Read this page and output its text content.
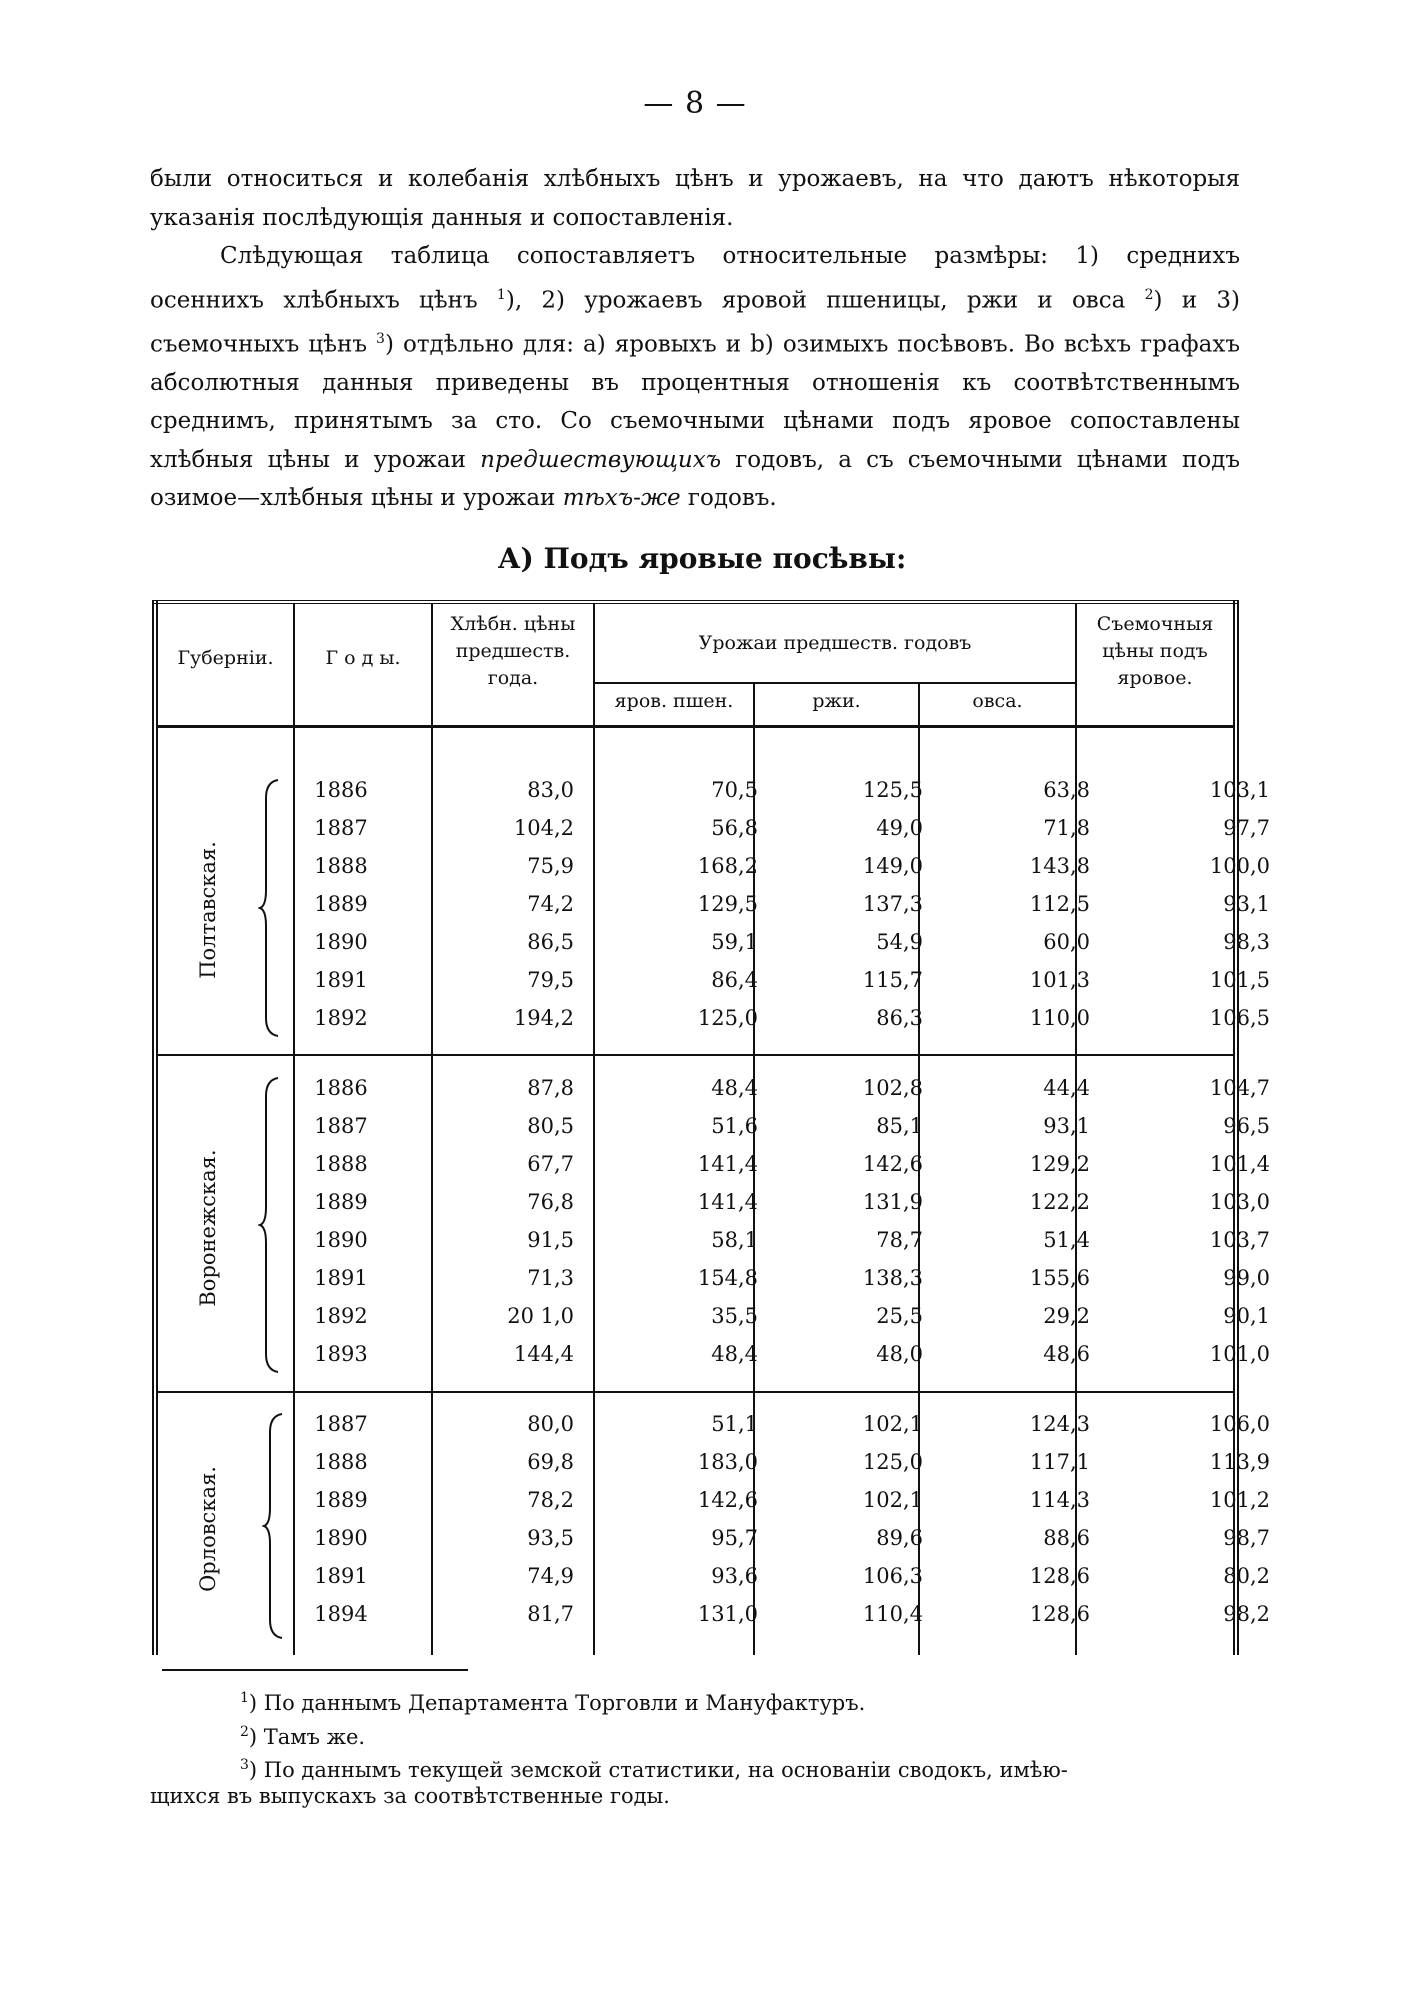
— 8 —
были относиться и колебанія хлѣбныхъ цѣнъ и урожаевъ, на что даютъ нѣкоторыя указанія послѣдующія данныя и сопоставленія.
Слѣдующая таблица сопоставляетъ относительные размѣры: 1) среднихъ осеннихъ хлѣбныхъ цѣнъ $^1$), 2) урожаевъ яровой пшеницы, ржи и овса $^2$) и 3) съемочныхъ цѣнъ $^3$) отдѣльно для: a) яровыхъ и b) озимыхъ посѣвовъ. Во всѣхъ графахъ абсолютныя данныя приведены въ процентныя отношенія къ соотвѣтственнымъ среднимъ, принятымъ за сто. Со съемочными цѣнами подъ яровое сопоставлены хлѣбныя цѣны и урожаи предшествующихъ годовъ, а съ съемочными цѣнами подъ озимое—хлѣбныя цѣны и урожаи тѣхъ-же годовъ.
А) Подъ яровые посѣвы:
Губерніи.	Г о д ы.
Хлѣбн. цѣны
предшеств.
года.
Урожаи предшеств. годовъ
яров. пшен.	ржи.	овса.
Съемочныя
цѣны подъ
яровое.
Полтавская.
1886	83,0	70,5	125,5	63,8	103,1
1887	104,2	56,8	49,0	71,8	97,7
1888	75,9	168,2	149,0	143,8	100,0
1889	74,2	129,5	137,3	112,5	93,1
1890	86,5	59,1	54,9	60,0	98,3
1891	79,5	86,4	115,7	101,3	101,5
1892	194,2	125,0	86,3	110,0	106,5
Воронежская.
1886	87,8	48,4	102,8	44,4	104,7
1887	80,5	51,6	85,1	93,1	96,5
1888	67,7	141,4	142,6	129,2	101,4
1889	76,8	141,4	131,9	122,2	103,0
1890	91,5	58,1	78,7	51,4	103,7
1891	71,3	154,8	138,3	155,6	99,0
1892	20 1,0	35,5	25,5	29,2	90,1
1893	144,4	48,4	48,0	48,6	101,0
Орловская.
1887	80,0	51,1	102,1	124,3	106,0
1888	69,8	183,0	125,0	117,1	113,9
1889	78,2	142,6	102,1	114,3	101,2
1890	93,5	95,7	89,6	88,6	98,7
1891	74,9	93,6	106,3	128,6	80,2
1894	81,7	131,0	110,4	128,6	98,2
$^1$) По даннымъ Департамента Торговли и Мануфактуръ.
$^2$) Тамъ же.
$^3$) По даннымъ текущей земской статистики, на основаніи сводокъ, имѣю-
щихся въ выпускахъ за соотвѣтственные годы.
